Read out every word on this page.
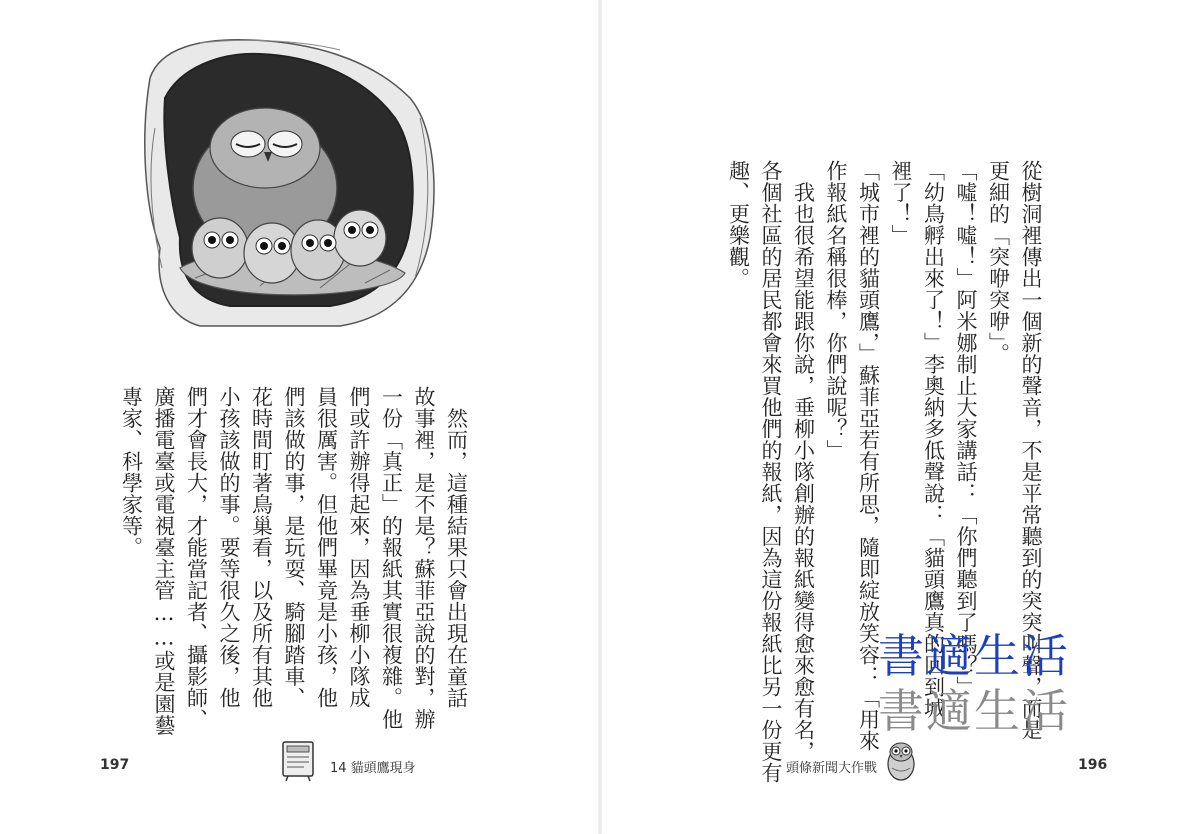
　然而，這種結果只會出現在童話
故事裡，是不是？蘇菲亞說的對，辦
一份「真正」的報紙其實很複雜。他
們或許辦得起來，因為垂柳小隊成
員很厲害。但他們畢竟是小孩，他
們該做的事，是玩耍、騎腳踏車、
花時間盯著鳥巢看，以及所有其他
小孩該做的事。要等很久之後，他
們才會長大，才能當記者、攝影師、
廣播電臺或電視臺主管……或是園藝
專家、科學家等。
197	14 貓頭鷹現身
從樹洞裡傳出一個新的聲音，不是平常聽到的突突叫聲，而是
更細的「突咿突咿」。
「噓！噓！」阿米娜制止大家講話：「你們聽到了嗎？」
「幼鳥孵出來了！」李奧納多低聲說：「貓頭鷹真的回到城
裡了！」
「城市裡的貓頭鷹，」蘇菲亞若有所思，隨即綻放笑容：「用來
作報紙名稱很棒，你們說呢？」
　我也很希望能跟你說，垂柳小隊創辦的報紙變得愈來愈有名，
各個社區的居民都會來買他們的報紙，因為這份報紙比另一份更有
趣、更樂觀。
頭條新聞大作戰	196
書適生活
書適生活
